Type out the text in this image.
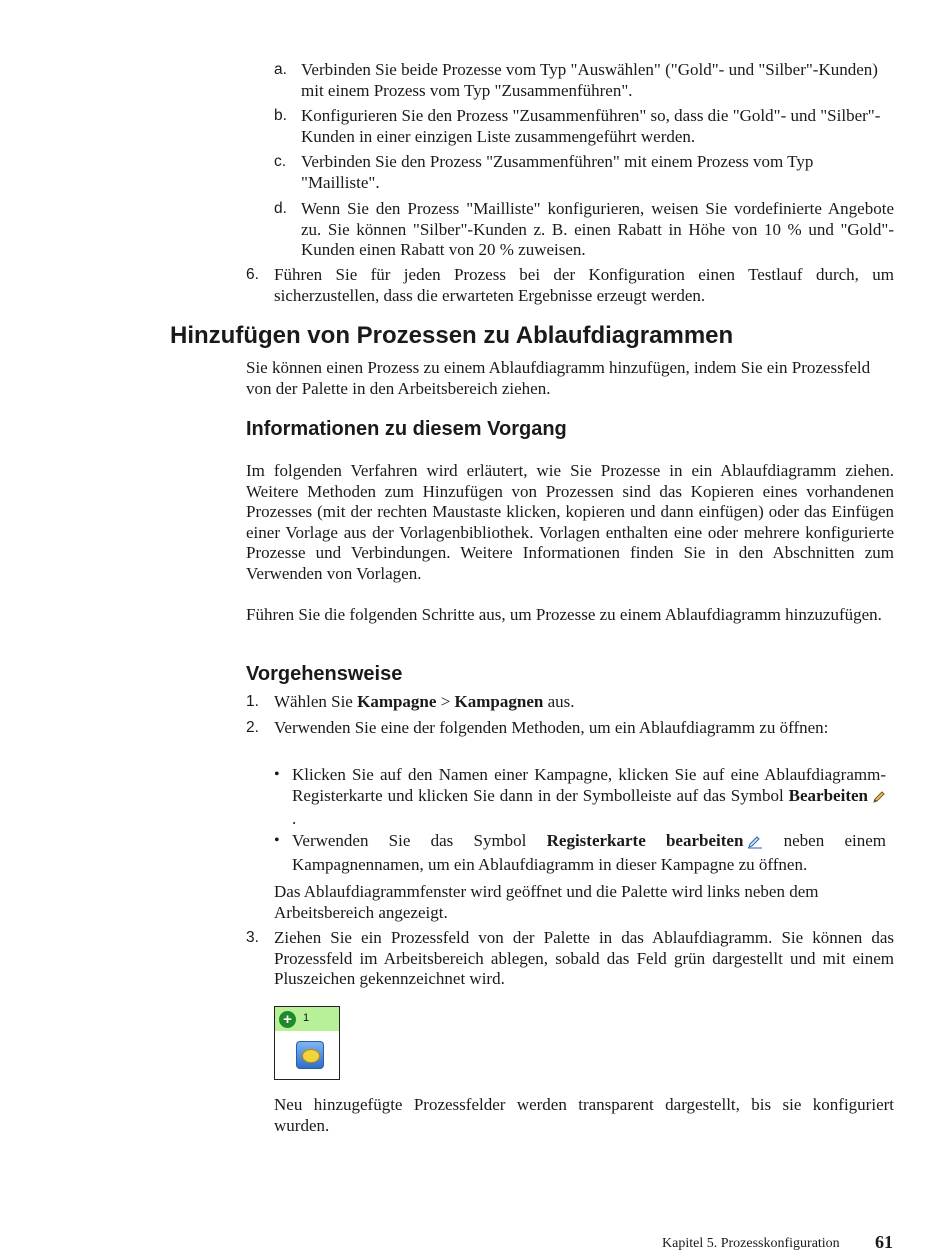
a. Verbinden Sie beide Prozesse vom Typ "Auswählen" ("Gold"- und "Silber"-Kunden) mit einem Prozess vom Typ "Zusammenführen".
b. Konfigurieren Sie den Prozess "Zusammenführen" so, dass die "Gold"- und "Silber"-Kunden in einer einzigen Liste zusammengeführt werden.
c. Verbinden Sie den Prozess "Zusammenführen" mit einem Prozess vom Typ "Mailliste".
d. Wenn Sie den Prozess "Mailliste" konfigurieren, weisen Sie vordefinierte Angebote zu. Sie können "Silber"-Kunden z. B. einen Rabatt in Höhe von 10 % und "Gold"-Kunden einen Rabatt von 20 % zuweisen.
6. Führen Sie für jeden Prozess bei der Konfiguration einen Testlauf durch, um sicherzustellen, dass die erwarteten Ergebnisse erzeugt werden.
Hinzufügen von Prozessen zu Ablaufdiagrammen
Sie können einen Prozess zu einem Ablaufdiagramm hinzufügen, indem Sie ein Prozessfeld von der Palette in den Arbeitsbereich ziehen.
Informationen zu diesem Vorgang
Im folgenden Verfahren wird erläutert, wie Sie Prozesse in ein Ablaufdiagramm ziehen. Weitere Methoden zum Hinzufügen von Prozessen sind das Kopieren eines vorhandenen Prozesses (mit der rechten Maustaste klicken, kopieren und dann einfügen) oder das Einfügen einer Vorlage aus der Vorlagenbibliothek. Vorlagen enthalten eine oder mehrere konfigurierte Prozesse und Verbindungen. Weitere Informationen finden Sie in den Abschnitten zum Verwenden von Vorlagen.
Führen Sie die folgenden Schritte aus, um Prozesse zu einem Ablaufdiagramm hinzuzufügen.
Vorgehensweise
1. Wählen Sie Kampagne > Kampagnen aus.
2. Verwenden Sie eine der folgenden Methoden, um ein Ablaufdiagramm zu öffnen:
• Klicken Sie auf den Namen einer Kampagne, klicken Sie auf eine Ablaufdiagramm-Registerkarte und klicken Sie dann in der Symbolleiste auf das Symbol Bearbeiten .
• Verwenden Sie das Symbol Registerkarte bearbeiten neben einem Kampagnennamen, um ein Ablaufdiagramm in dieser Kampagne zu öffnen.
Das Ablaufdiagrammfenster wird geöffnet und die Palette wird links neben dem Arbeitsbereich angezeigt.
3. Ziehen Sie ein Prozessfeld von der Palette in das Ablaufdiagramm. Sie können das Prozessfeld im Arbeitsbereich ablegen, sobald das Feld grün dargestellt und mit einem Pluszeichen gekennzeichnet wird.
+	1
Neu hinzugefügte Prozessfelder werden transparent dargestellt, bis sie konfiguriert wurden.
Kapitel 5. Prozesskonfiguration 61
